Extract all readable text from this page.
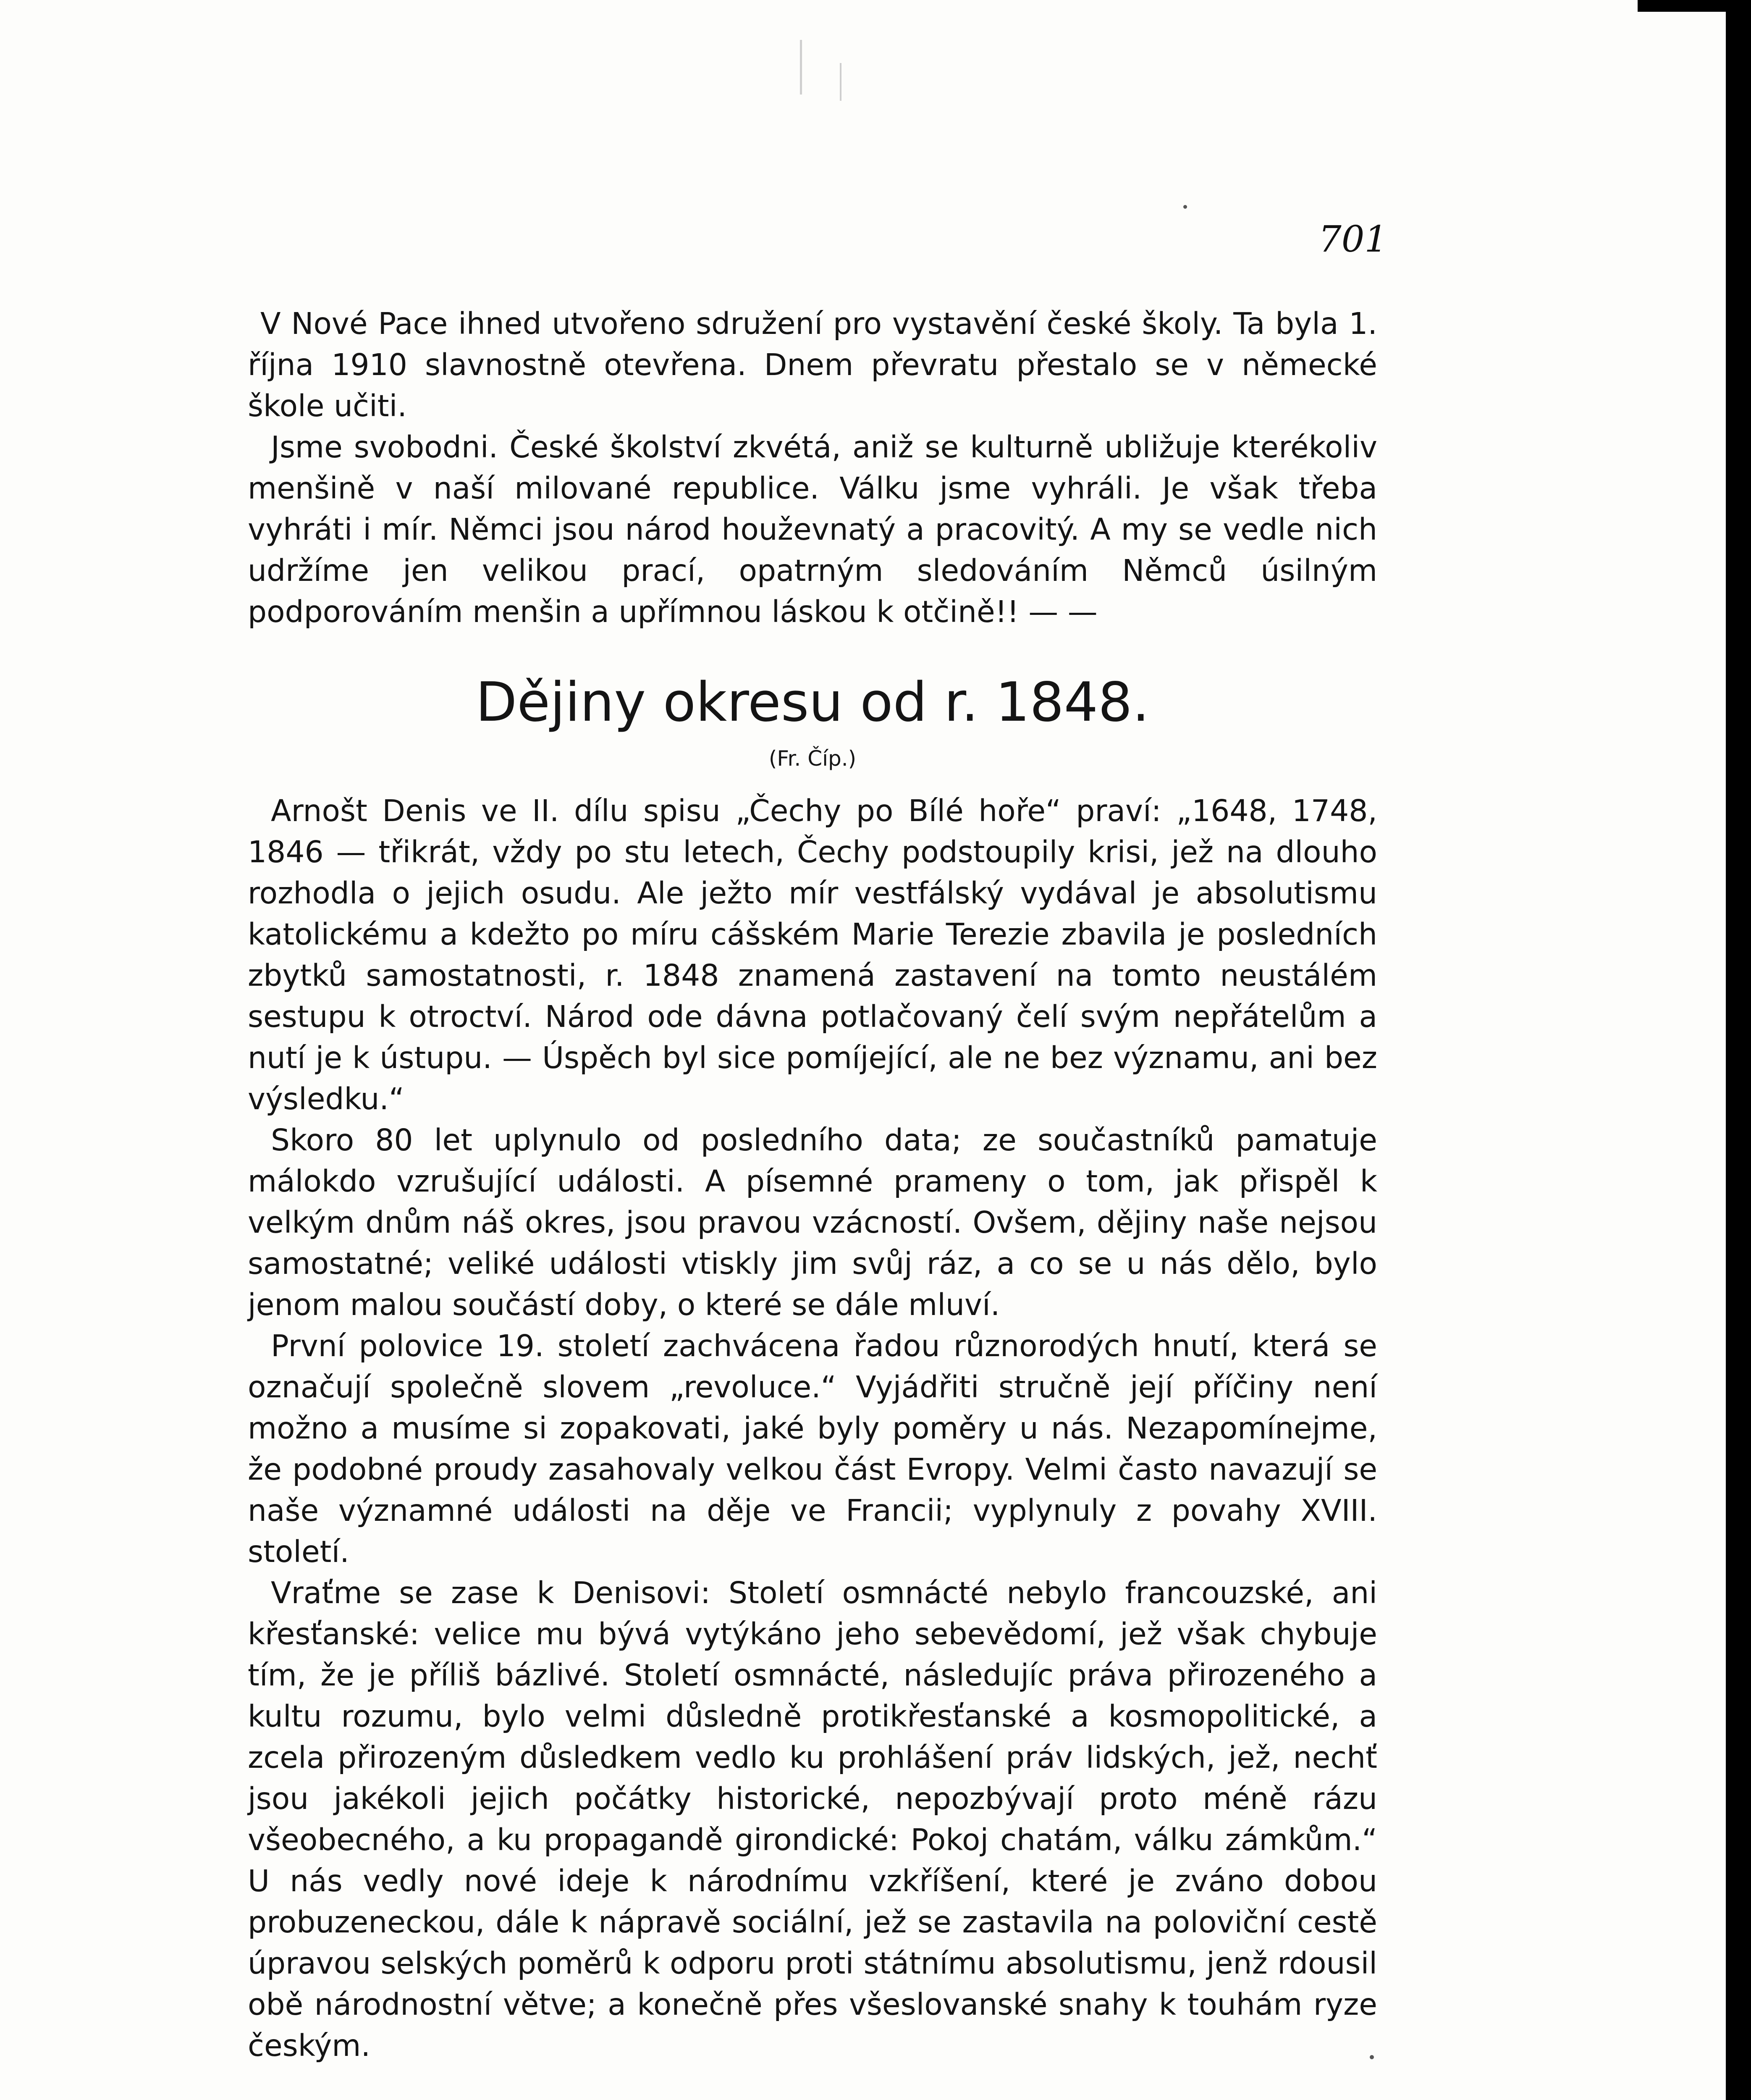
701

V Nové Pace ihned utvořeno sdružení pro vystavění české školy. Ta byla 1. října 1910 slavnostně otevřena. Dnem převratu přestalo se v německé škole učiti.

Jsme svobodni. České školství zkvétá, aniž se kulturně ubližuje kterékoliv menšině v naší milované republice. Válku jsme vyhráli. Je však třeba vyhráti i mír. Němci jsou národ houževnatý a pracovitý. A my se vedle nich udržíme jen velikou prací, opatrným sledováním Němců úsilným podporováním menšin a upřímnou láskou k otčině!! — —

Dějiny okresu od r. 1848.
(Fr. Číp.)

Arnošt Denis ve II. dílu spisu „Čechy po Bílé hoře“ praví: „1648, 1748, 1846 — třikrát, vždy po stu letech, Čechy podstoupily krisi, jež na dlouho rozhodla o jejich osudu. Ale ježto mír vestfálský vydával je absolutismu katolickému a kdežto po míru cášském Marie Terezie zbavila je posledních zbytků samostatnosti, r. 1848 znamená zastavení na tomto neustálém sestupu k otroctví. Národ ode dávna potlačovaný čelí svým nepřátelům a nutí je k ústupu. — Úspěch byl sice pomíjející, ale ne bez významu, ani bez výsledku.“

Skoro 80 let uplynulo od posledního data; ze součastníků pamatuje málokdo vzrušující události. A písemné prameny o tom, jak přispěl k velkým dnům náš okres, jsou pravou vzácností. Ovšem, dějiny naše nejsou samostatné; veliké události vtiskly jim svůj ráz, a co se u nás dělo, bylo jenom malou součástí doby, o které se dále mluví.

První polovice 19. století zachvácena řadou různorodých hnutí, která se označují společně slovem „revoluce.“ Vyjádřiti stručně její příčiny není možno a musíme si zopakovati, jaké byly poměry u nás. Nezapomínejme, že podobné proudy zasahovaly velkou část Evropy. Velmi často navazují se naše významné události na děje ve Francii; vyplynuly z povahy XVIII. století.

Vraťme se zase k Denisovi: Století osmnácté nebylo francouzské, ani křesťanské: velice mu bývá vytýkáno jeho sebevědomí, jež však chybuje tím, že je příliš bázlivé. Století osmnácté, následujíc práva přirozeného a kultu rozumu, bylo velmi důsledně protikřesťanské a kosmopolitické, a zcela přirozeným důsledkem vedlo ku prohlášení práv lidských, jež, nechť jsou jakékoli jejich počátky historické, nepozbývají proto méně rázu všeobecného, a ku propagandě girondické: Pokoj chatám, válku zámkům.“ U nás vedly nové ideje k národnímu vzkříšení, které je zváno dobou probuzeneckou, dále k nápravě sociální, jež se zastavila na poloviční cestě úpravou selských poměrů k odporu proti státnímu absolutismu, jenž rdousil obě národnostní větve; a konečně přes všeslovanské snahy k touhám ryze českým.
